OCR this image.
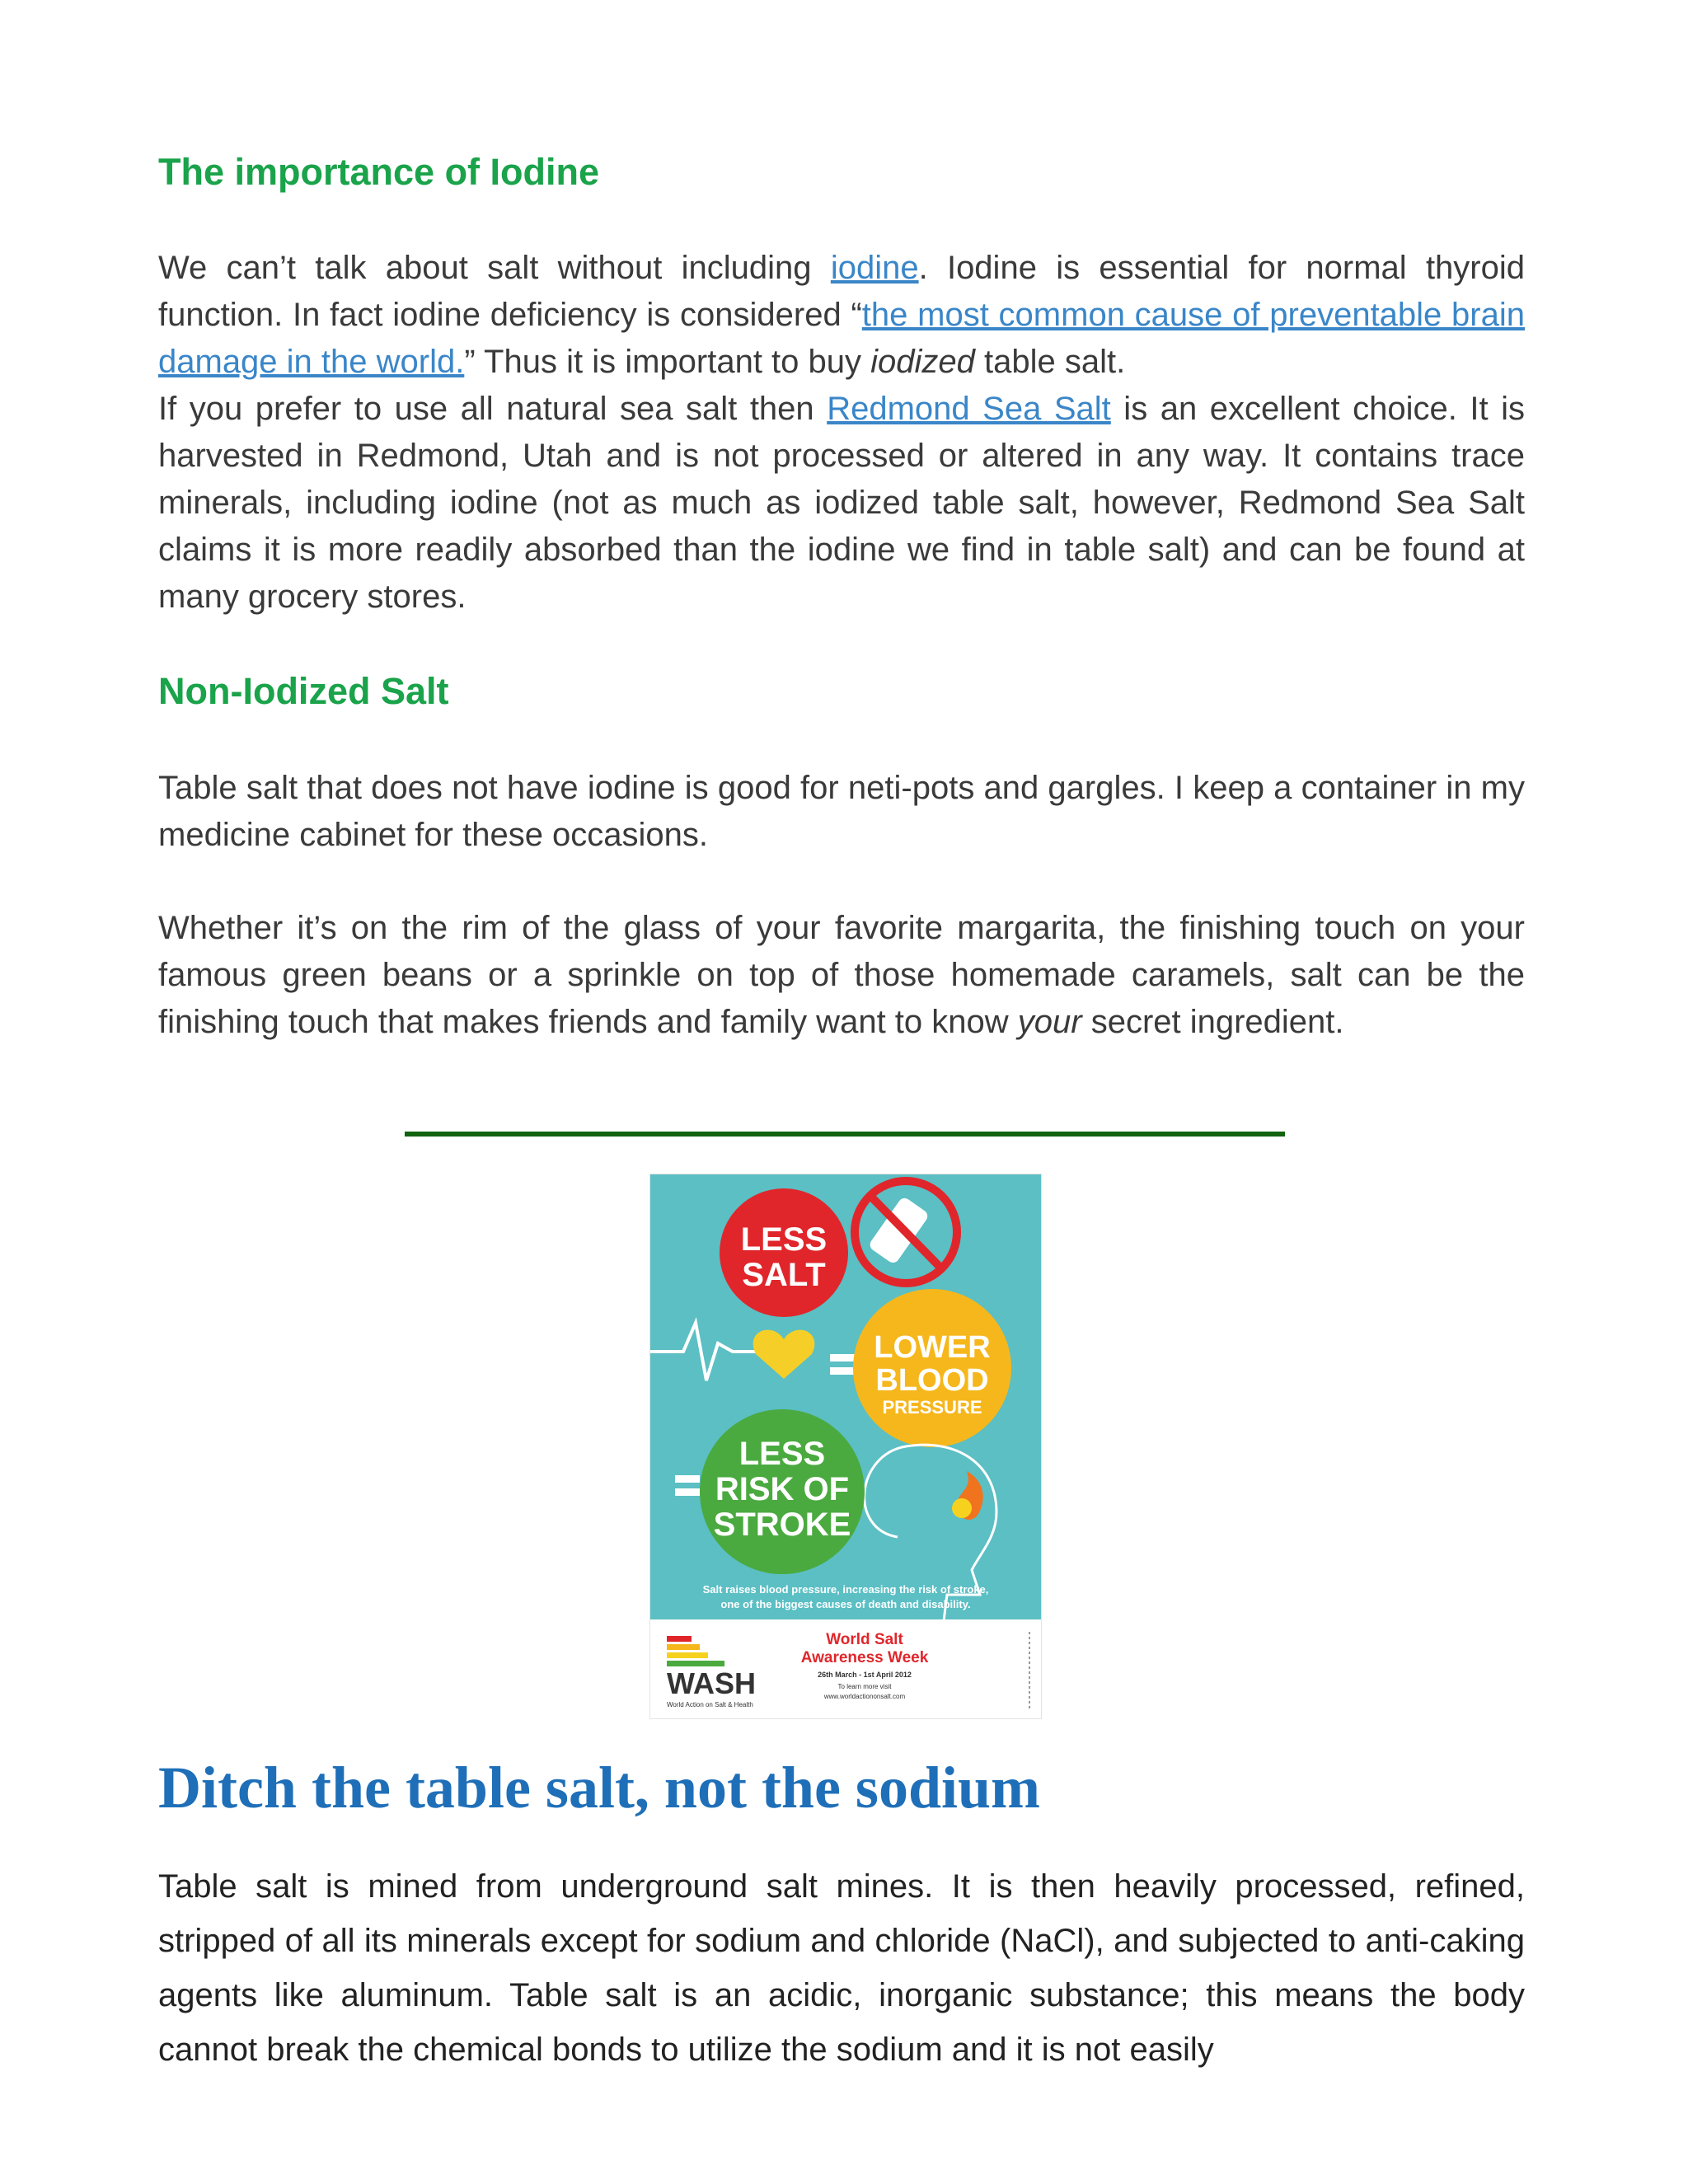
The importance of Iodine

We can’t talk about salt without including iodine. Iodine is essential for normal thyroid function. In fact iodine deficiency is considered “the most common cause of preventable brain damage in the world.” Thus it is important to buy iodized table salt.

If you prefer to use all natural sea salt then Redmond Sea Salt is an excellent choice. It is harvested in Redmond, Utah and is not processed or altered in any way. It contains trace minerals, including iodine (not as much as iodized table salt, however, Redmond Sea Salt claims it is more readily absorbed than the iodine we find in table salt) and can be found at many grocery stores.

Non-Iodized Salt

Table salt that does not have iodine is good for neti-pots and gargles. I keep a container in my medicine cabinet for these occasions.

Whether it’s on the rim of the glass of your favorite margarita, the finishing touch on your famous green beans or a sprinkle on top of those homemade caramels, salt can be the finishing touch that makes friends and family want to know your secret ingredient.

LESS
SALT
LOWER
BLOOD
PRESSURE
LESS
RISK OF
STROKE
Salt raises blood pressure, increasing the risk of stroke,
one of the biggest causes of death and disability.
WASH
World Action on Salt & Health
World Salt
Awareness Week
26th March - 1st April 2012
To learn more visit
www.worldactiononsalt.com
Ditch the table salt, not the sodium

Table salt is mined from underground salt mines. It is then heavily processed, refined, stripped of all its minerals except for sodium and chloride (NaCl), and subjected to anti-caking agents like aluminum. Table salt is an acidic, inorganic substance; this means the body cannot break the chemical bonds to utilize the sodium and it is not easily
